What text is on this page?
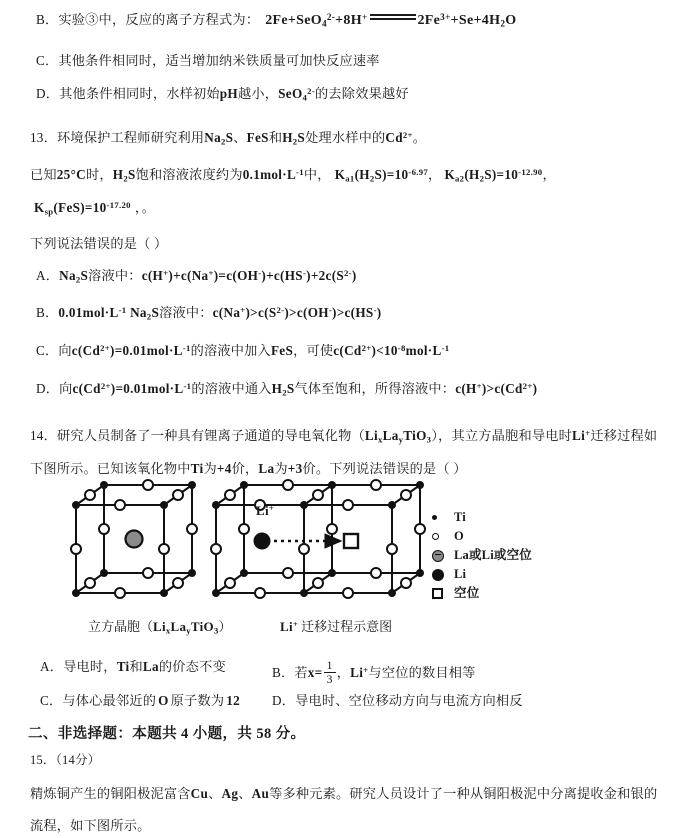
B．实验③中，反应的离子方程式为： 2Fe+SeO$_4^{2-}$+8H+	$2Fe^{3+}+Se+4H_2O$
C．其他条件相同时，适当增加纳米铁质量可加快反应速率
D．其他条件相同时，水样初始pH越小，SeO$_4^{2-}$的去除效果越好
13．环境保护工程师研究利用$Na_2S$、FeS和$H_2S$处理水样中的$Cd^{2+}$。
已知25°C时，$H_2S$饱和溶液浓度约为$0.1mol\cdot L^{-1}$中， $K_{a1}(H_2S)=10^{-6.97}$， $K_{a2}(H_2S)=10^{-12.90}$，
$K_{sp}(FeS)=10^{-17.20}$ ，。
下列说法错误的是（ ）
A．$Na_2S$溶液中：$c(H^+)+c(Na^+)=c(OH^-)+c(HS^-)+2c(S^{2-})$
B．$0.01mol\cdot L^{-1}$ $Na_2S$溶液中：$c(Na^+)>c(S^{2-})>c(OH^-)>c(HS^-)$
C．向$c(Cd^{2+})=0.01mol\cdot L^{-1}$的溶液中加入FeS，可使$c(Cd^{2+})<10^{-8}mol\cdot L^{-1}$
D．向$c(Cd^{2+})=0.01mol\cdot L^{-1}$的溶液中通入$H_2S$气体至饱和，所得溶液中：$c(H^+)>c(Cd^{2+})$
14．研究人员制备了一种具有锂离子通道的导电氧化物$(Li_xLa_yTiO_3)$，其立方晶胞和导电时Li+迁移过程如
下图所示。已知该氧化物中Ti为+4价，La为+3价。下列说法错误的是（ ）
Li+
Ti
O
La或Li或空位
Li
空位
立方晶胞$(Li_xLa_yTiO_3)$	Li+ 迁移过程示意图
A．导电时，Ti和La的价态不变	B．若$x= \frac{1}{3}$ ，Li+与空位的数目相等
C．与体心最邻近的 O 原子数为 12 D．导电时、空位移动方向与电流方向相反
二、非选择题：本题共 4 小题，共 58 分。
15．（14分）
精炼铜产生的铜阳极泥富含Cu、Ag、Au等多种元素。研究人员设计了一种从铜阳极泥中分离提收金和银的
流程，如下图所示。
